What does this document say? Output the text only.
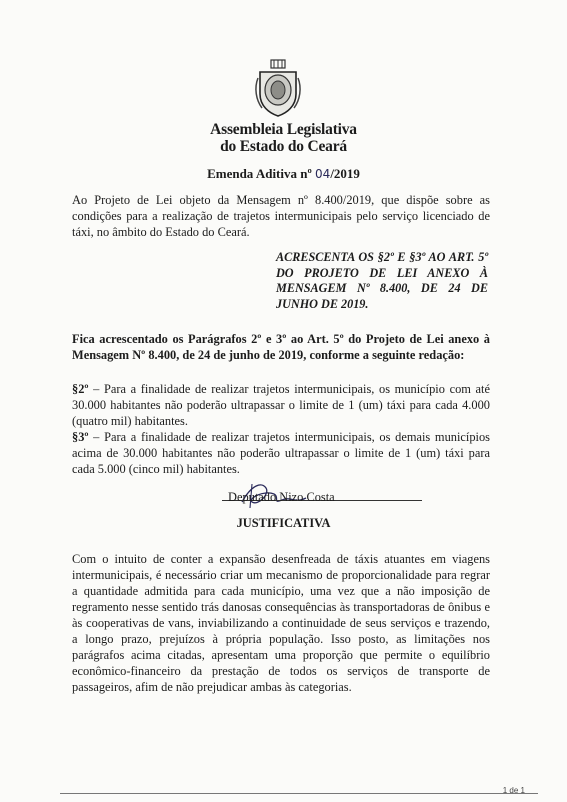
Assembleia Legislativa
do Estado do Ceará
Emenda Aditiva nº 04/2019
Ao Projeto de Lei objeto da Mensagem nº 8.400/2019, que dispõe sobre as condições para a realização de trajetos intermunicipais pelo serviço licenciado de táxi, no âmbito do Estado do Ceará.
ACRESCENTA OS §2º E §3º AO ART. 5º DO PROJETO DE LEI ANEXO À MENSAGEM Nº 8.400, DE 24 DE JUNHO DE 2019.
Fica acrescentado os Parágrafos 2º e 3º ao Art. 5º do Projeto de Lei anexo à Mensagem Nº 8.400, de 24 de junho de 2019, conforme a seguinte redação:
§2º – Para a finalidade de realizar trajetos intermunicipais, os município com até 30.000 habitantes não poderão ultrapassar o limite de 1 (um) táxi para cada 4.000 (quatro mil) habitantes.
§3º – Para a finalidade de realizar trajetos intermunicipais, os demais municípios acima de 30.000 habitantes não poderão ultrapassar o limite de 1 (um) táxi para cada 5.000 (cinco mil) habitantes.
Deputado Nizo Costa
JUSTIFICATIVA
Com o intuito de conter a expansão desenfreada de táxis atuantes em viagens intermunicipais, é necessário criar um mecanismo de proporcionalidade para regrar a quantidade admitida para cada município, uma vez que a não imposição de regramento nesse sentido trás danosas consequências às transportadoras de ônibus e às cooperativas de vans, inviabilizando a continuidade de seus serviços e trazendo, a longo prazo, prejuízos à própria população. Isso posto, as limitações nos parágrafos acima citadas, apresentam uma proporção que permite o equilíbrio econômico-financeiro da prestação de todos os serviços de transporte de passageiros, afim de não prejudicar ambas às categorias.
1 de 1
